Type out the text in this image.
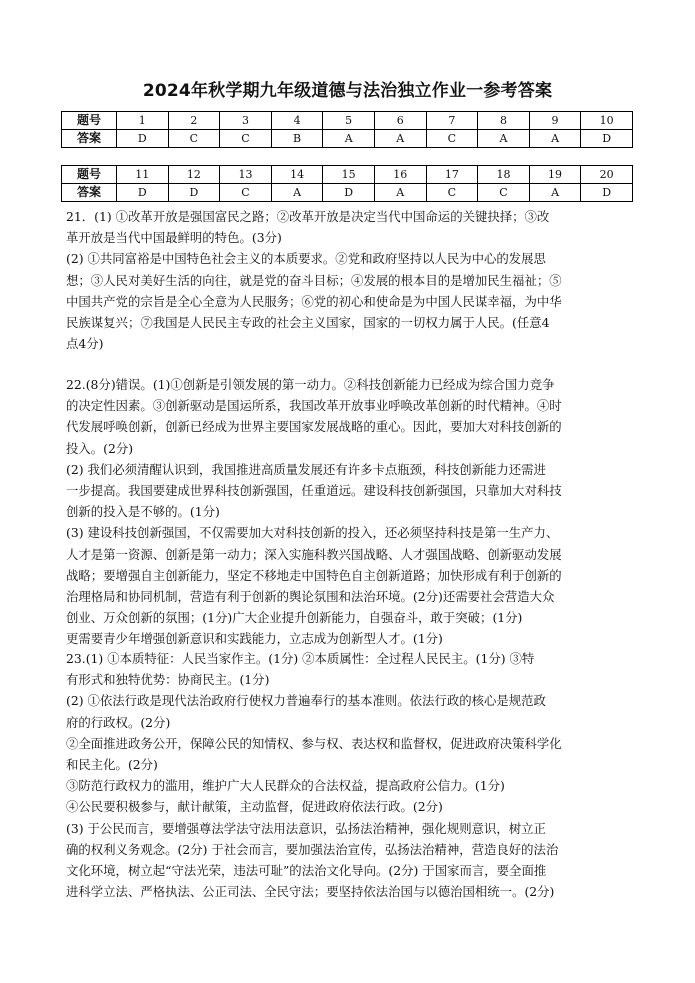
2024年秋学期九年级道德与法治独立作业一参考答案
题号	1	2	3	4	5	6	7	8	9	10
答案	D	C	C	B	A	A	C	A	A	D
题号	11	12	13	14	15	16	17	18	19	20
答案	D	D	C	A	D	A	C	C	A	D
21．(1) ①改革开放是强国富民之路；②改革开放是决定当代中国命运的关键抉择；③改
革开放是当代中国最鲜明的特色。(3分)
(2) ①共同富裕是中国特色社会主义的本质要求。②党和政府坚持以人民为中心的发展思
想；③人民对美好生活的向往，就是党的奋斗目标；④发展的根本目的是增加民生福祉；⑤
中国共产党的宗旨是全心全意为人民服务；⑥党的初心和使命是为中国人民谋幸福，为中华
民族谋复兴；⑦我国是人民民主专政的社会主义国家，国家的一切权力属于人民。(任意4
点4分)
22.(8分)错误。(1)①创新是引领发展的第一动力。②科技创新能力已经成为综合国力竞争
的决定性因素。③创新驱动是国运所系，我国改革开放事业呼唤改革创新的时代精神。④时
代发展呼唤创新，创新已经成为世界主要国家发展战略的重心。因此，要加大对科技创新的
投入。(2分)
(2) 我们必须清醒认识到，我国推进高质量发展还有许多卡点瓶颈，科技创新能力还需进
一步提高。我国要建成世界科技创新强国，任重道远。建设科技创新强国，只靠加大对科技
创新的投入是不够的。(1分)
(3) 建设科技创新强国，不仅需要加大对科技创新的投入，还必须坚持科技是第一生产力、
人才是第一资源、创新是第一动力；深入实施科教兴国战略、人才强国战略、创新驱动发展
战略；要增强自主创新能力，坚定不移地走中国特色自主创新道路；加快形成有利于创新的
治理格局和协同机制，营造有利于创新的舆论氛围和法治环境。(2分)还需要社会营造大众
创业、万众创新的氛围；(1分)广大企业提升创新能力，自强奋斗，敢于突破；(1分)
更需要青少年增强创新意识和实践能力，立志成为创新型人才。(1分)
23.(1) ①本质特征：人民当家作主。(1分) ②本质属性：全过程人民民主。(1分) ③特
有形式和独特优势：协商民主。(1分)
(2) ①依法行政是现代法治政府行使权力普遍奉行的基本准则。依法行政的核心是规范政
府的行政权。(2分)
②全面推进政务公开，保障公民的知情权、参与权、表达权和监督权，促进政府决策科学化
和民主化。(2分)
③防范行政权力的滥用，维护广大人民群众的合法权益，提高政府公信力。(1分)
④公民要积极参与，献计献策，主动监督，促进政府依法行政。(2分)
(3) 于公民而言，要增强尊法学法守法用法意识，弘扬法治精神，强化规则意识，树立正
确的权利义务观念。(2分) 于社会而言，要加强法治宣传，弘扬法治精神，营造良好的法治
文化环境，树立起“守法光荣，违法可耻”的法治文化导向。(2分) 于国家而言，要全面推
进科学立法、严格执法、公正司法、全民守法；要坚持依法治国与以德治国相统一。(2分)
